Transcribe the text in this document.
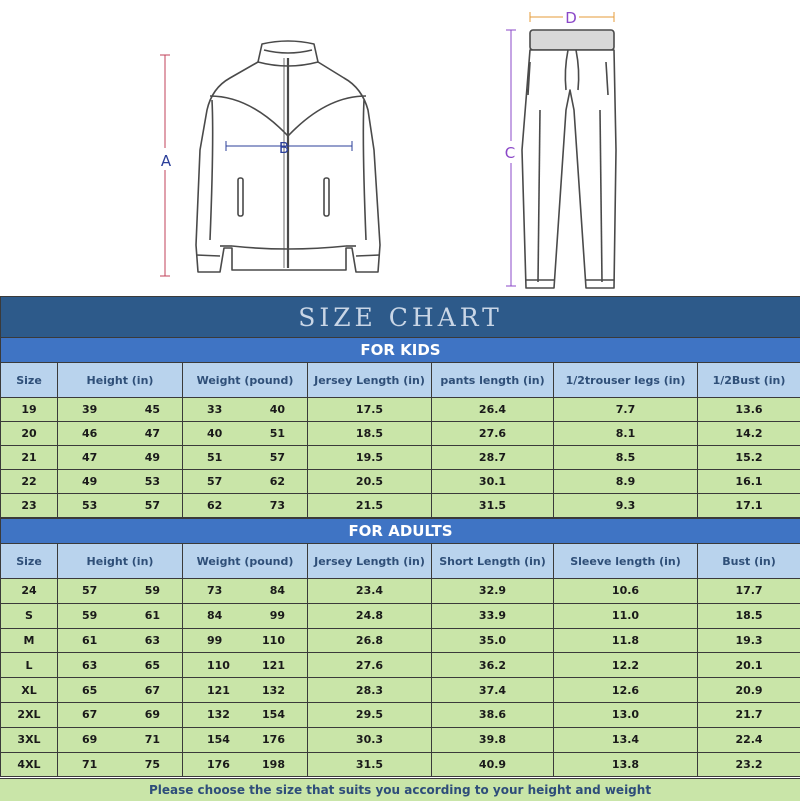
A
B
D
C
SIZE CHART						
FOR KIDS						
Size	Height (in)	Weight (pound)	Jersey Length (in)	pants length (in)	1/2trouser legs (in)	1/2Bust (in)
19	39 45	33 40	17.5	26.4	7.7	13.6
20	46 47	40 51	18.5	27.6	8.1	14.2
21	47 49	51 57	19.5	28.7	8.5	15.2
22	49 53	57 62	20.5	30.1	8.9	16.1
23	53 57	62 73	21.5	31.5	9.3	17.1
FOR ADULTS						
Size	Height (in)	Weight (pound)	Jersey Length (in)	Short Length (in)	Sleeve length (in)	Bust (in)
24	57 59	73 84	23.4	32.9	10.6	17.7
S	59 61	84 99	24.8	33.9	11.0	18.5
M	61 63	99 110	26.8	35.0	11.8	19.3
L	63 65	110 121	27.6	36.2	12.2	20.1
XL	65 67	121 132	28.3	37.4	12.6	20.9
2XL	67 69	132 154	29.5	38.6	13.0	21.7
3XL	69 71	154 176	30.3	39.8	13.4	22.4
4XL	71 75	176 198	31.5	40.9	13.8	23.2
Please choose the size that suits you according to your height and weight
